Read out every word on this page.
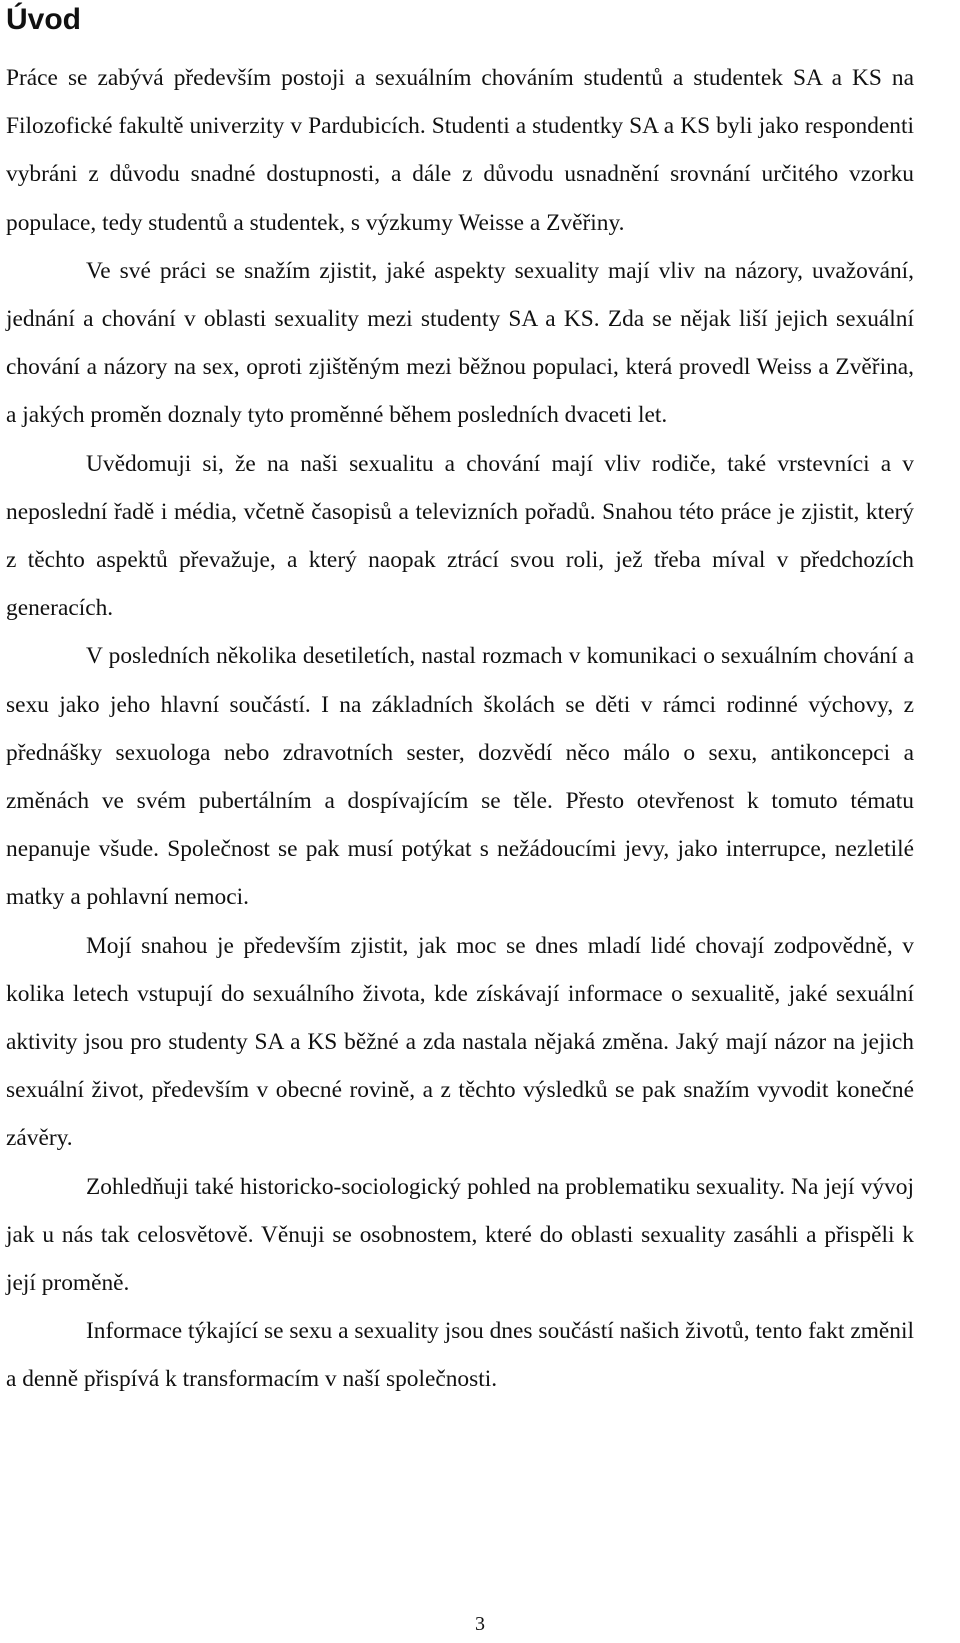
Úvod

Práce se zabývá především postoji a sexuálním chováním studentů a studentek SA a KS na Filozofické fakultě univerzity v Pardubicích. Studenti a studentky SA a KS byli jako respondenti vybráni z důvodu snadné dostupnosti, a dále z důvodu usnadnění srovnání určitého vzorku populace, tedy studentů a studentek, s výzkumy Weisse a Zvěřiny.

Ve své práci se snažím zjistit, jaké aspekty sexuality mají vliv na názory, uvažování, jednání a chování v oblasti sexuality mezi studenty SA a KS. Zda se nějak liší jejich sexuální chování a názory na sex, oproti zjištěným mezi běžnou populaci, která provedl Weiss a Zvěřina, a jakých proměn doznaly tyto proměnné během posledních dvaceti let.

Uvědomuji si, že na naši sexualitu a chování mají vliv rodiče, také vrstevníci a v neposlední řadě i média, včetně časopisů a televizních pořadů. Snahou této práce je zjistit, který z těchto aspektů převažuje, a který naopak ztrácí svou roli, jež třeba míval v předchozích generacích.

V posledních několika desetiletích, nastal rozmach v komunikaci o sexuálním chování a sexu jako jeho hlavní součástí. I na základních školách se děti v rámci rodinné výchovy, z přednášky sexuologa nebo zdravotních sester, dozvědí něco málo o sexu, antikoncepci a změnách ve svém pubertálním a dospívajícím se těle. Přesto otevřenost k tomuto tématu nepanuje všude. Společnost se pak musí potýkat s nežádoucími jevy, jako interrupce, nezletilé matky a pohlavní nemoci.

Mojí snahou je především zjistit, jak moc se dnes mladí lidé chovají zodpovědně, v kolika letech vstupují do sexuálního života, kde získávají informace o sexualitě, jaké sexuální aktivity jsou pro studenty SA a KS běžné a zda nastala nějaká změna. Jaký mají názor na jejich sexuální život, především v obecné rovině, a z těchto výsledků se pak snažím vyvodit konečné závěry.

Zohledňuji také historicko-sociologický pohled na problematiku sexuality. Na její vývoj jak u nás tak celosvětově. Věnuji se osobnostem, které do oblasti sexuality zasáhli a přispěli k její proměně.

Informace týkající se sexu a sexuality jsou dnes součástí našich životů, tento fakt změnil a denně přispívá k transformacím v naší společnosti.

3
